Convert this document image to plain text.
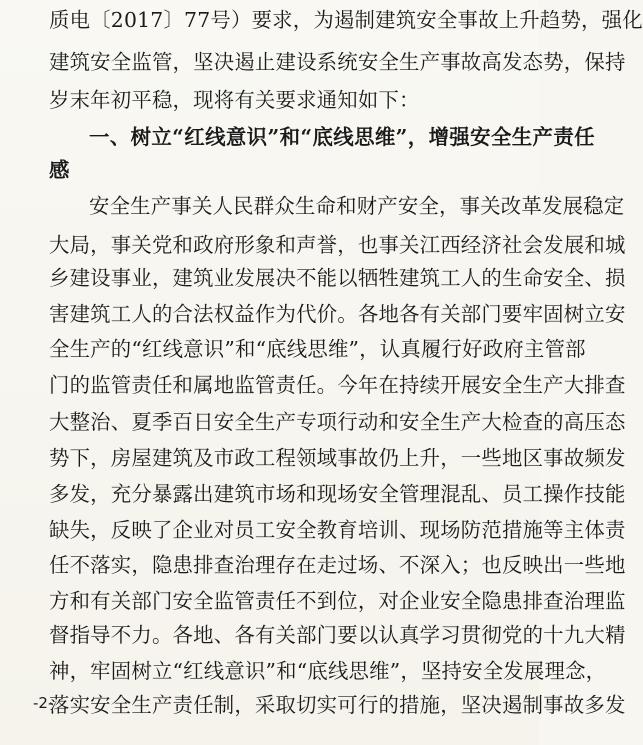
质电〔2017〕77号）要求，为遏制建筑安全事故上升趋势，强化
建筑安全监管，坚决遏止建设系统安全生产事故高发态势，保持
岁末年初平稳，现将有关要求通知如下：
一、树立“红线意识”和“底线思维”，增强安全生产责任
感
安全生产事关人民群众生命和财产安全，事关改革发展稳定
大局，事关党和政府形象和声誉，也事关江西经济社会发展和城
乡建设事业，建筑业发展决不能以牺牲建筑工人的生命安全、损
害建筑工人的合法权益作为代价。各地各有关部门要牢固树立安
全生产的“红线意识”和“底线思维”，认真履行好政府主管部
门的监管责任和属地监管责任。今年在持续开展安全生产大排查
大整治、夏季百日安全生产专项行动和安全生产大检查的高压态
势下，房屋建筑及市政工程领域事故仍上升，一些地区事故频发
多发，充分暴露出建筑市场和现场安全管理混乱、员工操作技能
缺失，反映了企业对员工安全教育培训、现场防范措施等主体责
任不落实，隐患排查治理存在走过场、不深入；也反映出一些地
方和有关部门安全监管责任不到位，对企业安全隐患排查治理监
督指导不力。各地、各有关部门要以认真学习贯彻党的十九大精
神，牢固树立“红线意识”和“底线思维”，坚持安全发展理念，
落实安全生产责任制，采取切实可行的措施，坚决遏制事故多发
-2-
